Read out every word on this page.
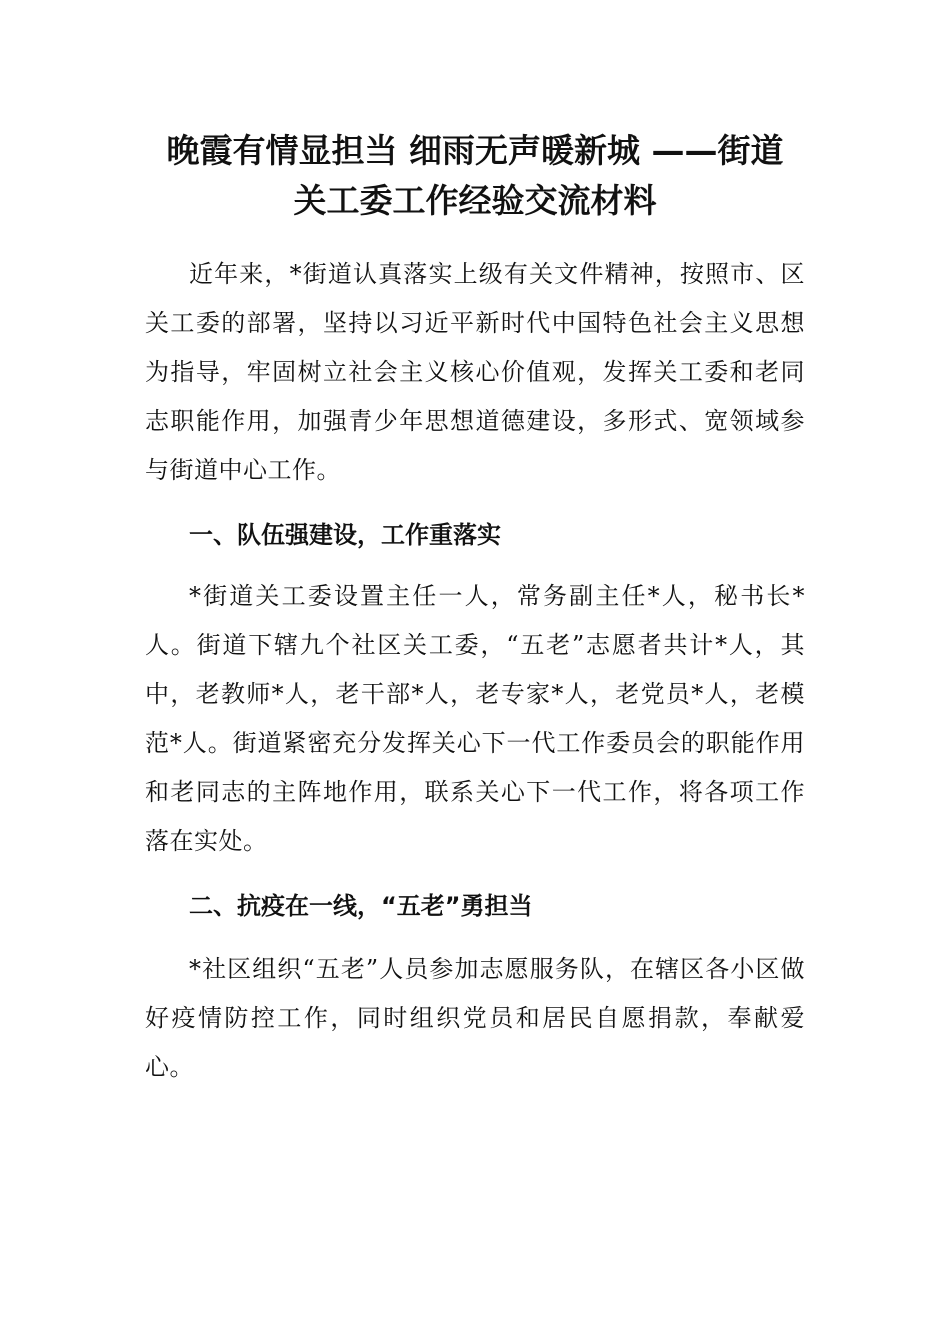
晚霞有情显担当 细雨无声暖新城 ——街道
关工委工作经验交流材料

近年来，*街道认真落实上级有关文件精神，按照市、区关工委的部署，坚持以习近平新时代中国特色社会主义思想为指导，牢固树立社会主义核心价值观，发挥关工委和老同志职能作用，加强青少年思想道德建设，多形式、宽领域参与街道中心工作。

一、队伍强建设，工作重落实

*街道关工委设置主任一人，常务副主任*人，秘书长*人。街道下辖九个社区关工委，“五老”志愿者共计*人，其中，老教师*人，老干部*人，老专家*人，老党员*人，老模范*人。街道紧密充分发挥关心下一代工作委员会的职能作用和老同志的主阵地作用，联系关心下一代工作，将各项工作落在实处。

二、抗疫在一线，“五老”勇担当

*社区组织“五老”人员参加志愿服务队，在辖区各小区做好疫情防控工作，同时组织党员和居民自愿捐款，奉献爱心。
